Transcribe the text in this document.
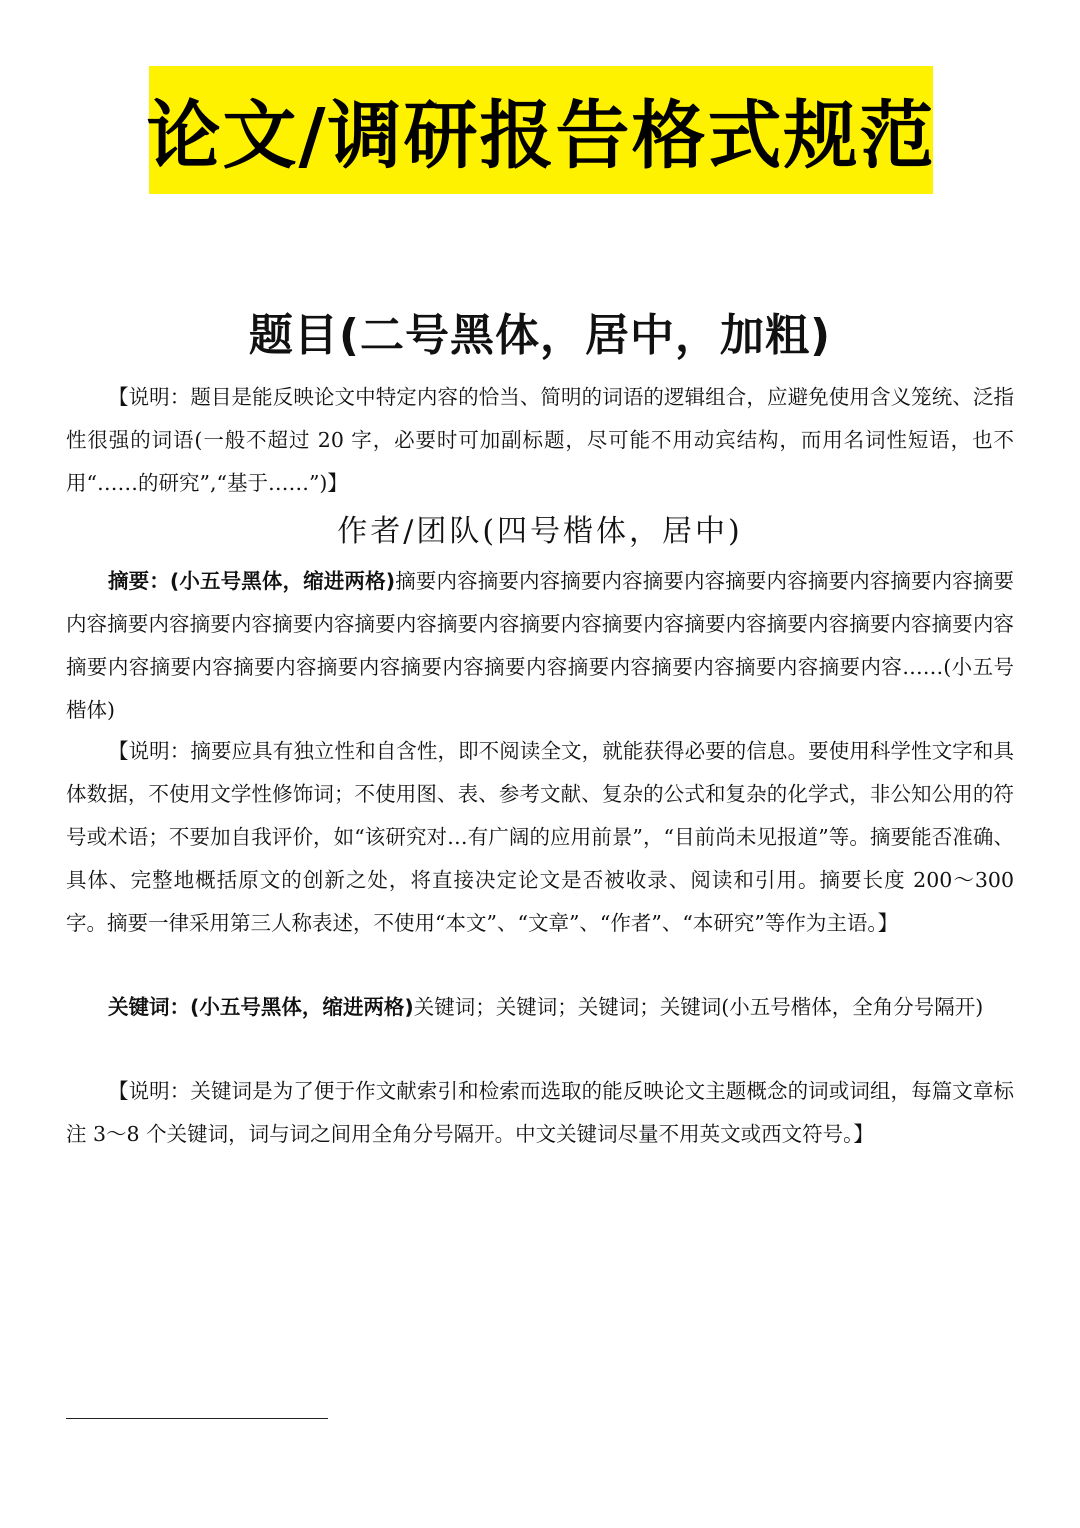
论文/调研报告格式规范
题目(二号黑体，居中，加粗)

【说明：题目是能反映论文中特定内容的恰当、简明的词语的逻辑组合，应避免使用含义笼统、泛指性很强的词语(一般不超过 20 字，必要时可加副标题，尽可能不用动宾结构，而用名词性短语，也不用“……的研究”,“基于……”)】

作者/团队(四号楷体，居中)

摘要：(小五号黑体，缩进两格)摘要内容摘要内容摘要内容摘要内容摘要内容摘要内容摘要内容摘要内容摘要内容摘要内容摘要内容摘要内容摘要内容摘要内容摘要内容摘要内容摘要内容摘要内容摘要内容摘要内容摘要内容摘要内容摘要内容摘要内容摘要内容摘要内容摘要内容摘要内容摘要内容……(小五号楷体)

【说明：摘要应具有独立性和自含性，即不阅读全文，就能获得必要的信息。要使用科学性文字和具体数据，不使用文学性修饰词；不使用图、表、参考文献、复杂的公式和复杂的化学式，非公知公用的符号或术语；不要加自我评价，如“该研究对…有广阔的应用前景”，“目前尚未见报道”等。摘要能否准确、具体、完整地概括原文的创新之处，将直接决定论文是否被收录、阅读和引用。摘要长度 200～300 字。摘要一律采用第三人称表述，不使用“本文”、“文章”、“作者”、“本研究”等作为主语。】

关键词：(小五号黑体，缩进两格)关键词；关键词；关键词；关键词(小五号楷体，全角分号隔开)

【说明：关键词是为了便于作文献索引和检索而选取的能反映论文主题概念的词或词组，每篇文章标注 3～8 个关键词，词与词之间用全角分号隔开。中文关键词尽量不用英文或西文符号。】
